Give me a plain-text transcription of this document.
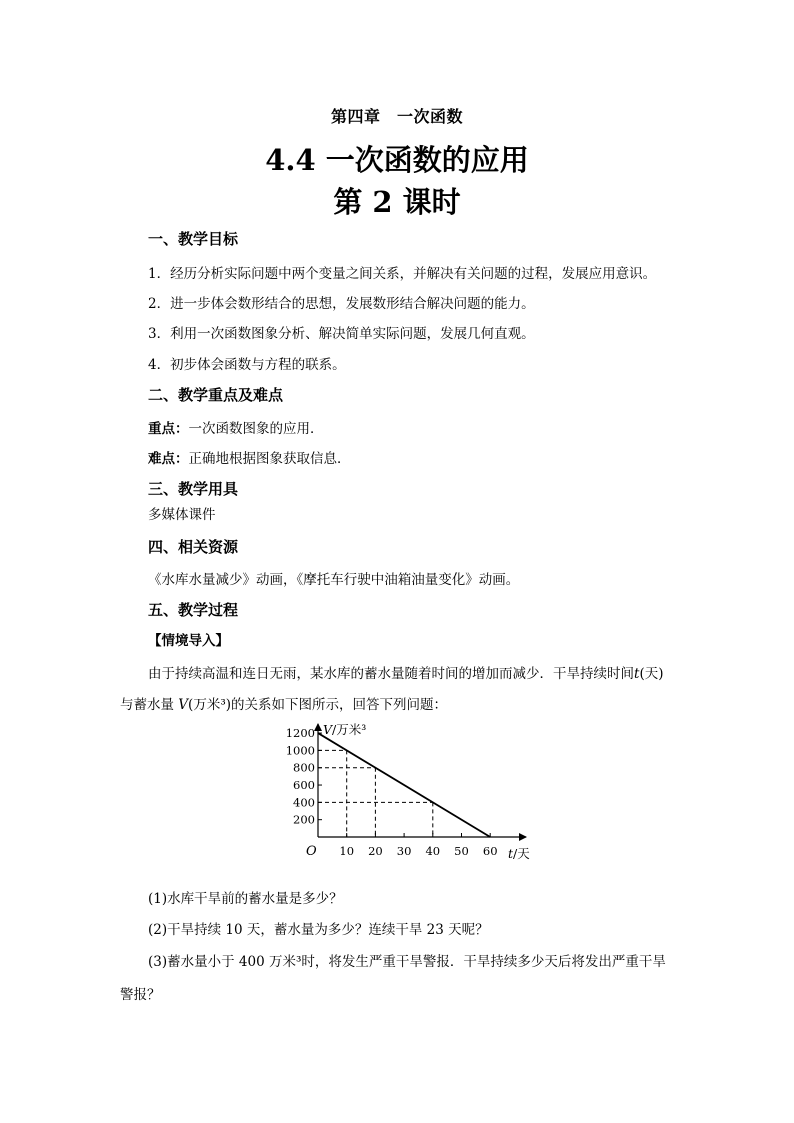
第四章　一次函数
4.4 一次函数的应用
第 2 课时
一、教学目标
1．经历分析实际问题中两个变量之间关系，并解决有关问题的过程，发展应用意识。
2．进一步体会数形结合的思想，发展数形结合解决问题的能力。
3．利用一次函数图象分析、解决简单实际问题，发展几何直观。
4．初步体会函数与方程的联系。
二、教学重点及难点
重点：一次函数图象的应用．
难点：正确地根据图象获取信息．
三、教学用具
多媒体课件
四、相关资源
《水库水量减少》动画，《摩托车行驶中油箱油量变化》动画。
五、教学过程
【情境导入】
由于持续高温和连日无雨，某水库的蓄水量随着时间的增加而减少．干旱持续时间t(天)
与蓄水量 V(万米³)的关系如下图所示，回答下列问题：
200
400
600
800
1000
1200
10 20 30 40 50 60
O
V/万米³
t/天
(1)水库干旱前的蓄水量是多少？
(2)干旱持续 10 天，蓄水量为多少？连续干旱 23 天呢？
(3)蓄水量小于 400 万米³时，将发生严重干旱警报．干旱持续多少天后将发出严重干旱
警报？
